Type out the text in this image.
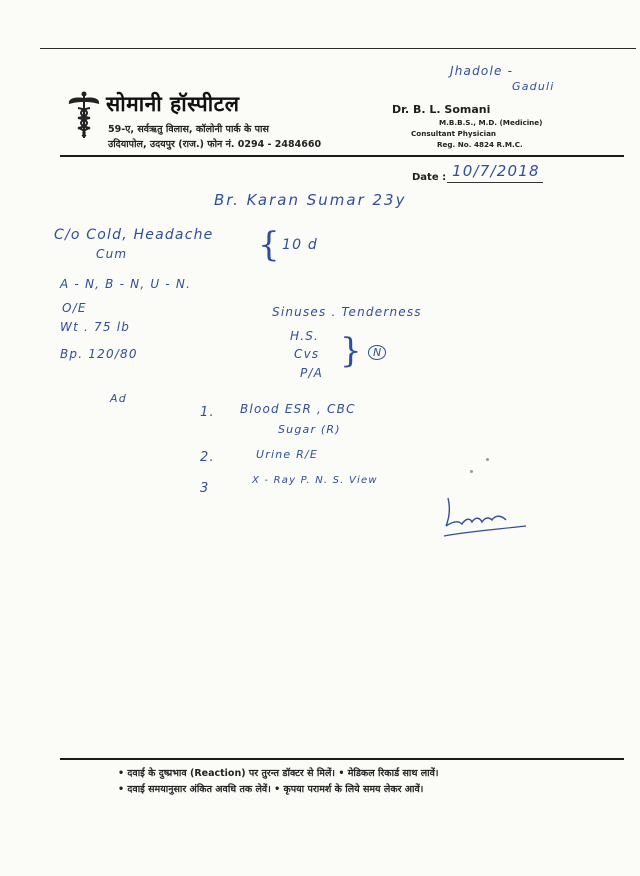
सोमानी हॉस्पीटल
59-ए, सर्वऋतु विलास, कॉलोनी पार्क के पास
उदियापोल, उदयपुर (राज.) फोन नं. 0294 - 2484660
Dr. B. L. Somani
M.B.B.S., M.D. (Medicine)
Consultant Physician
Reg. No. 4824 R.M.C.
Date :
Jhadole -
Gaduli
10/7/2018
Br. Karan Sumar 23y
C/o Cold, Headache
Cum	{ 10 d
A - N, B - N, U - N.
O/E
Wt . 75 lb
Bp. 120/80
Sinuses . Tenderness
H.S.
Cvs
P/A
}	N
Ad
1. Blood ESR , CBC
Sugar (R)
2.	Urine R/E
3
X - Ray P. N. S. View
• दवाई के दुष्प्रभाव (Reaction) पर तुरन्त डॉक्टर से मिलें। • मेडिकल रिकार्ड साथ लावें।
• दवाई समयानुसार अंकित अवधि तक लेवें। • कृपया परामर्श के लिये समय लेकर आवें।
